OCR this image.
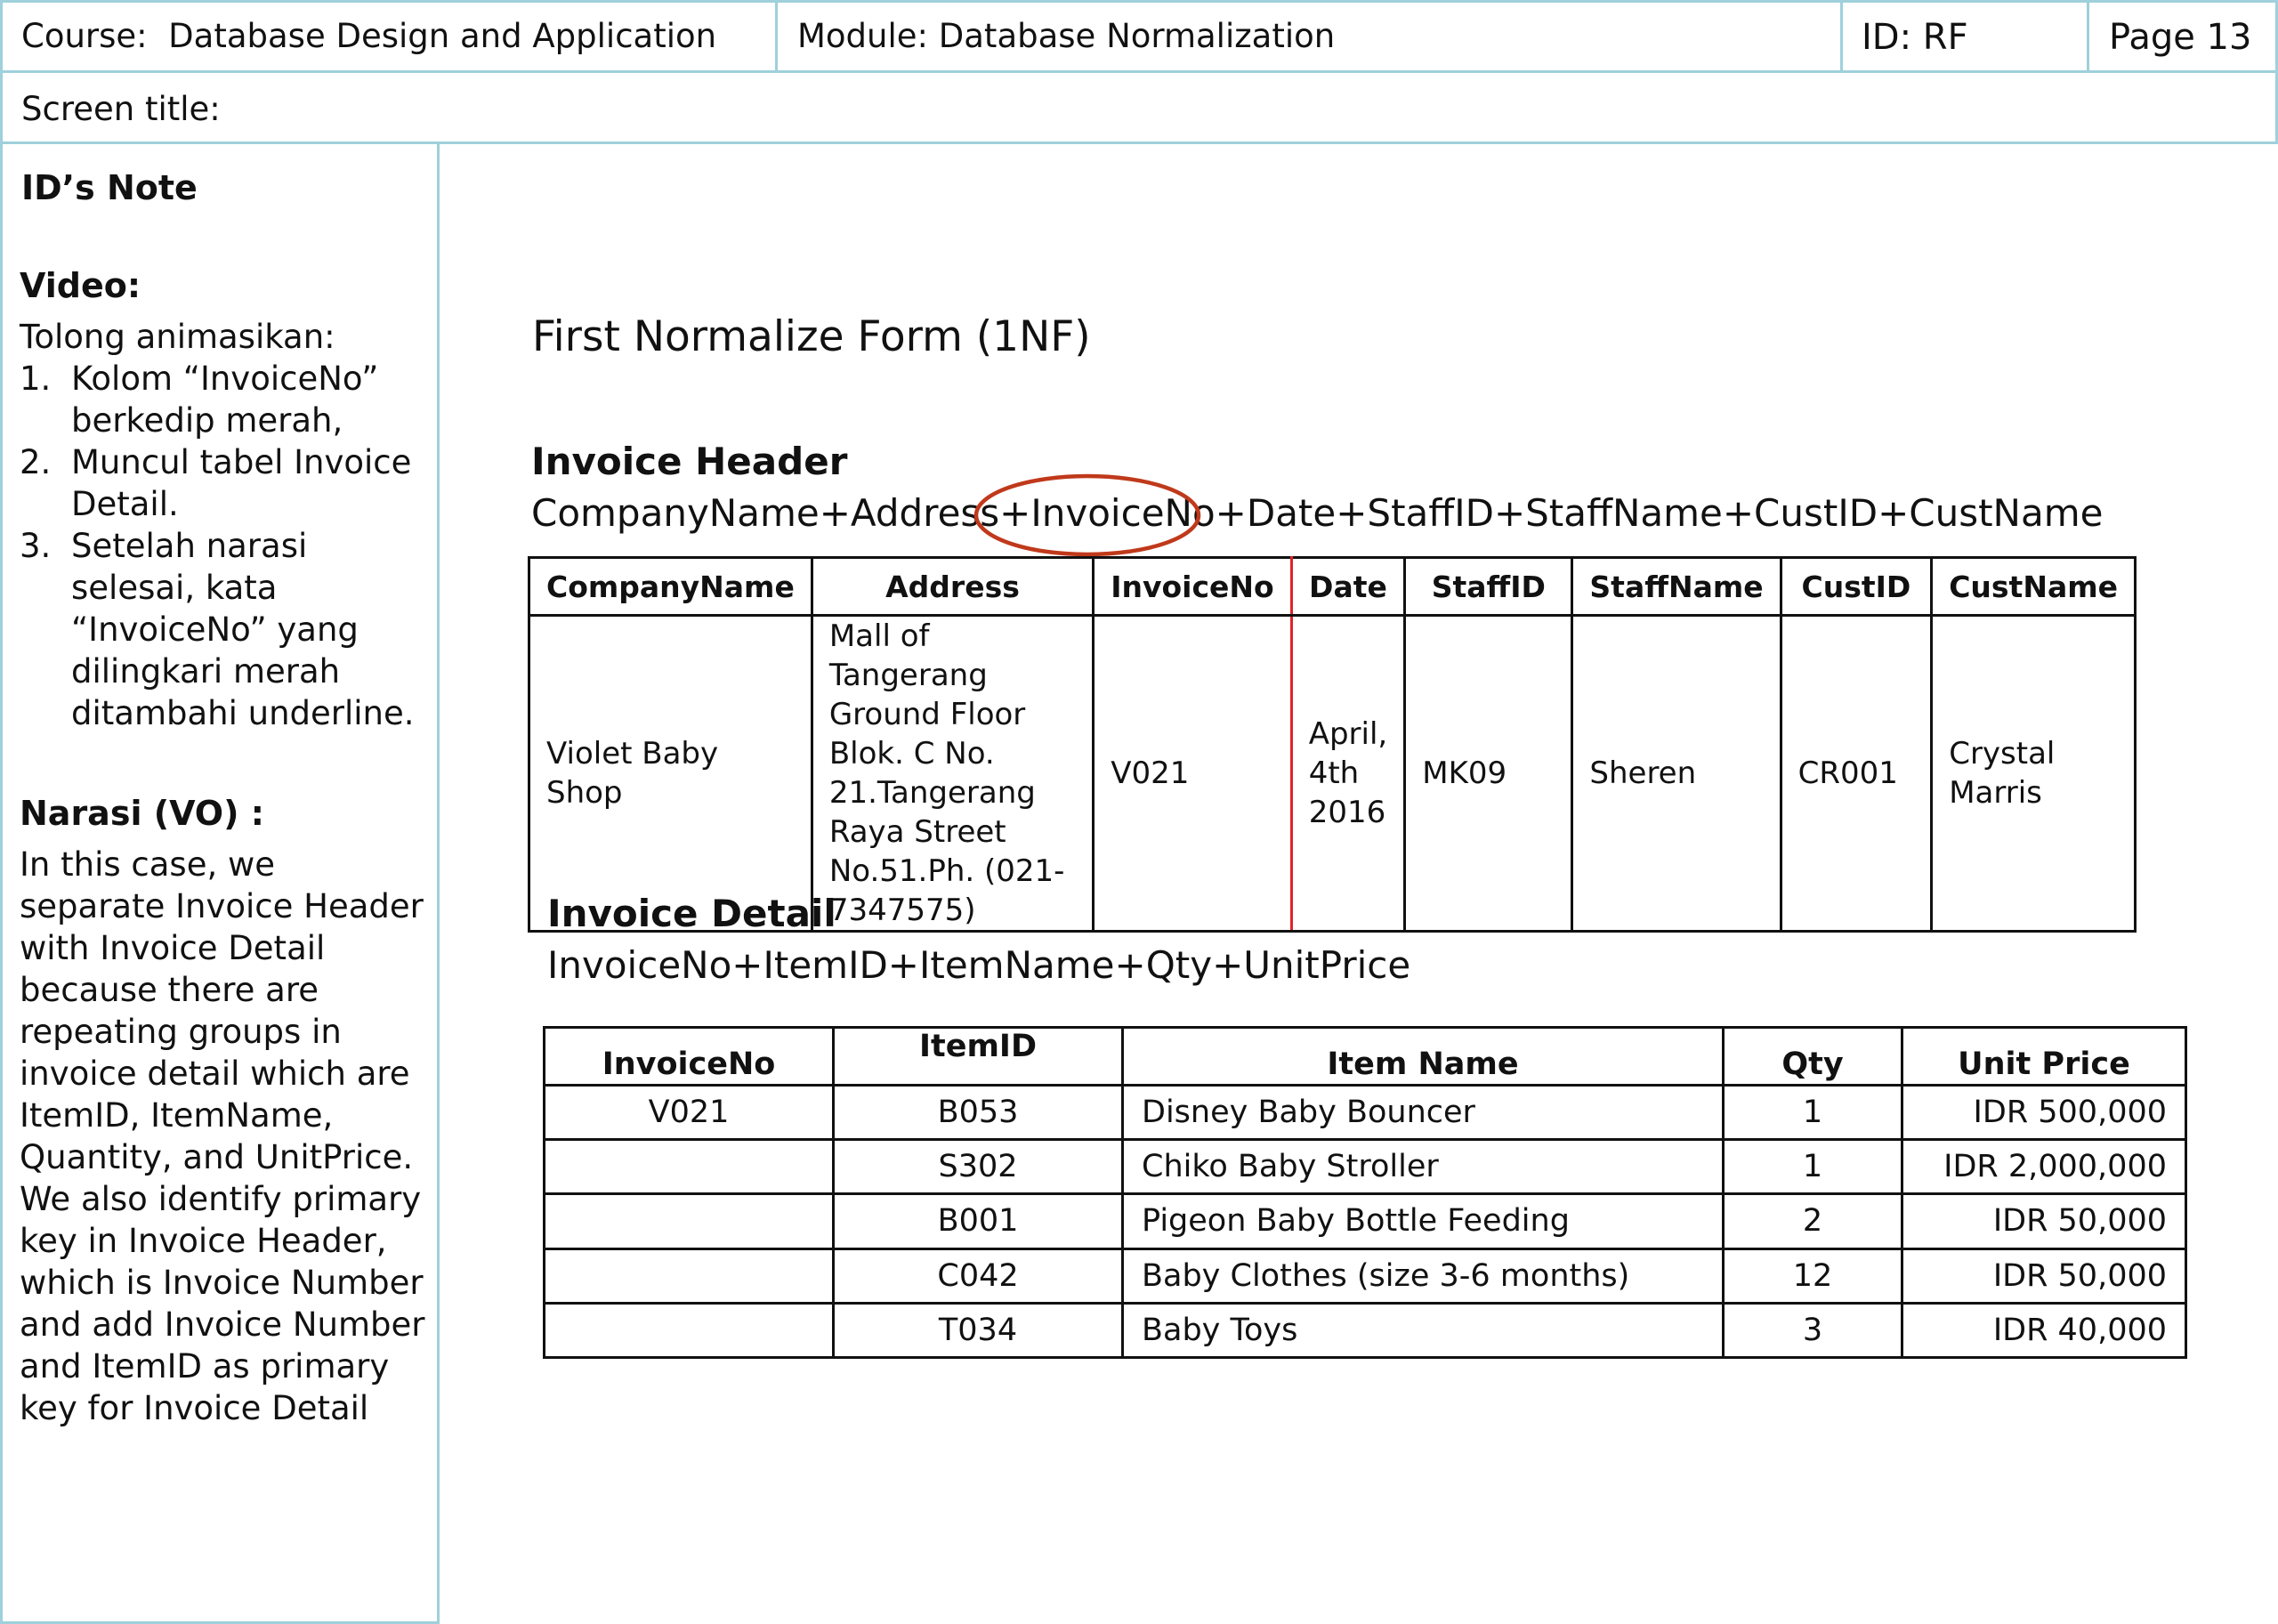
Course:  Database Design and Application Module: Database Normalization	ID: RF	Page 13
Screen title:
ID’s Note

Video:

Tolong animasikan:
1. Kolom “InvoiceNo” berkedip merah,
2. Muncul tabel Invoice Detail.
3. Setelah narasi selesai, kata “InvoiceNo” yang dilingkari merah ditambahi underline.

Narasi (VO) :

In this case, we separate Invoice Header with Invoice Detail because there are repeating groups in invoice detail which are ItemID, ItemName, Quantity, and UnitPrice. We also identify primary key in Invoice Header, which is Invoice Number and add Invoice Number and ItemID as primary key for Invoice Detail
First Normalize Form (1NF)
Invoice Header
CompanyName+Address+InvoiceNo+Date+StaffID+StaffName+CustID+CustName
CompanyName	Address	InvoiceNo	Date	StaffID	StaffName	CustID	CustName
Violet Baby Shop	Mall of Tangerang Ground Floor Blok. C No. 21.Tangerang Raya Street No.51.Ph. (021-7347575)	V021	April, 4th 2016	MK09	Sheren	CR001	Crystal Marris
Invoice Detail
InvoiceNo+ItemID+ItemName+Qty+UnitPrice
InvoiceNo	ItemID	Item Name	Qty	Unit Price
V021	B053	Disney Baby Bouncer	1	IDR 500,000
	S302	Chiko Baby Stroller	1	IDR 2,000,000
	B001	Pigeon Baby Bottle Feeding	2	IDR 50,000
	C042	Baby Clothes (size 3-6 months)	12	IDR 50,000
	T034	Baby Toys	3	IDR 40,000
